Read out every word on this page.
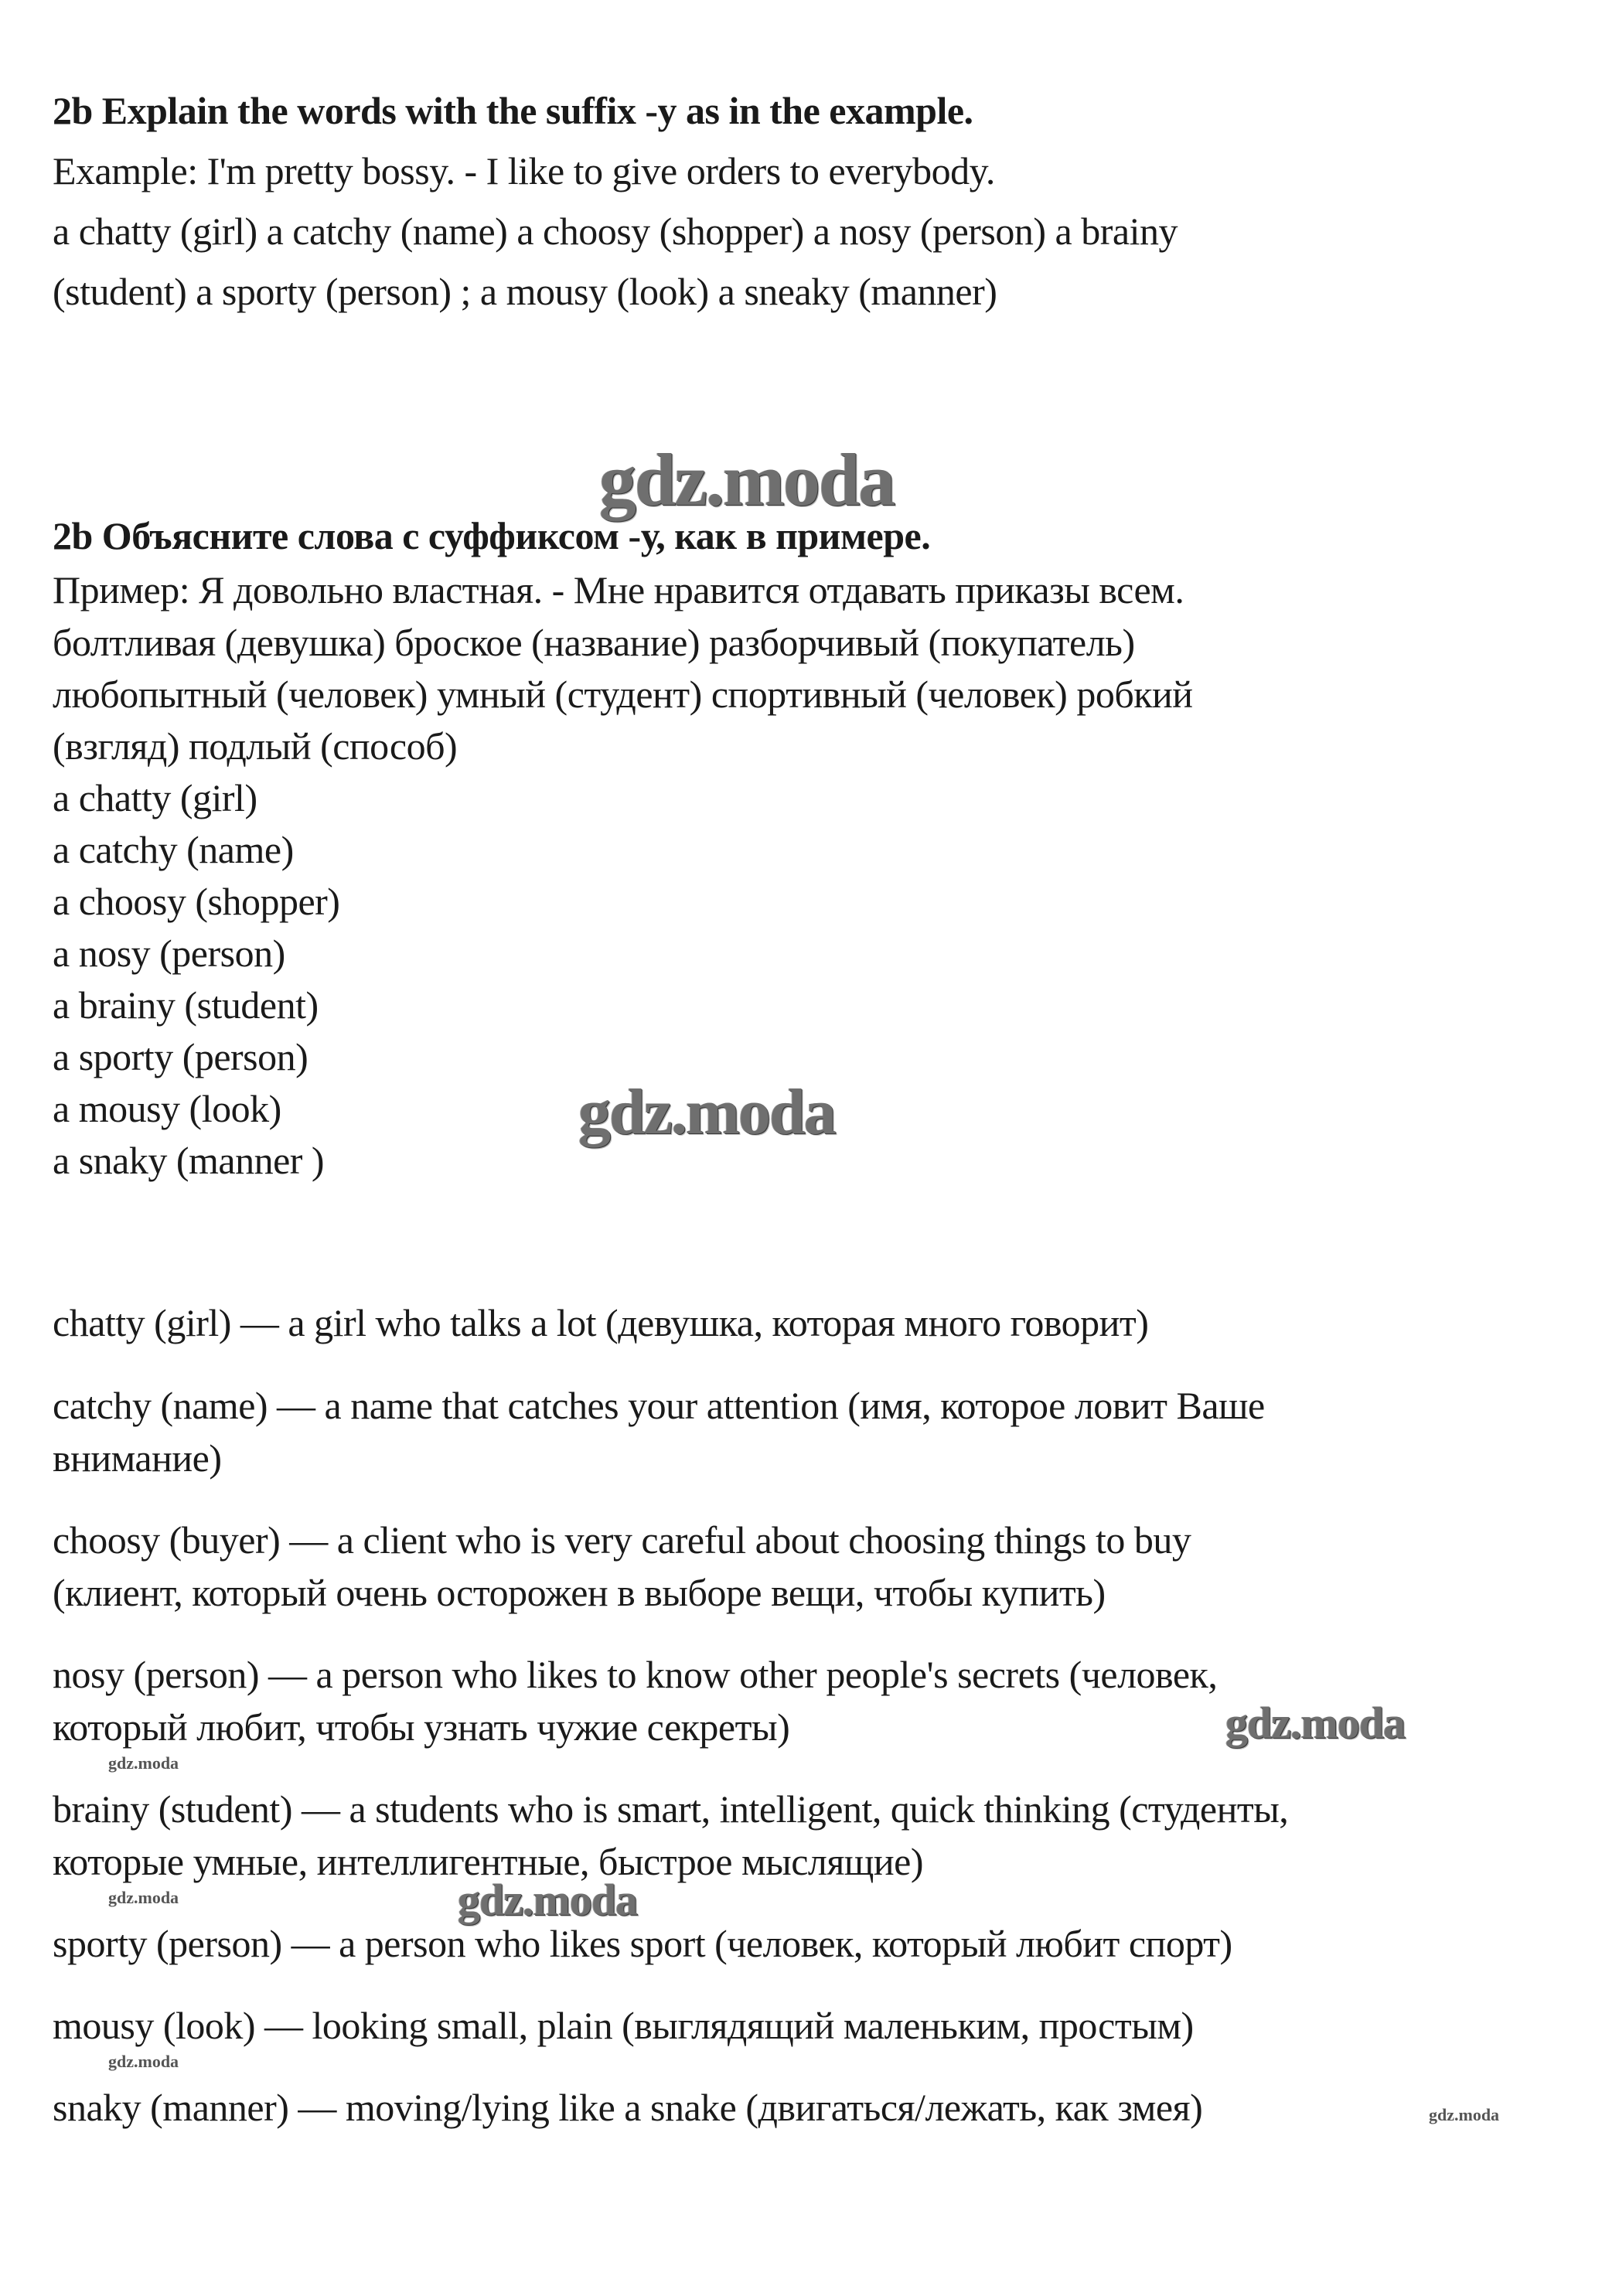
2b Explain the words with the suffix -y as in the example.
Example: I'm pretty bossy. - I like to give orders to everybody.
a chatty (girl) a catchy (name) a choosy (shopper) a nosy (person) a brainy
(student) a sporty (person) ; a mousy (look) a sneaky (manner)
gdz.moda
2b Объясните слова с суффиксом -у, как в примере.
Пример: Я довольно властная. - Мне нравится отдавать приказы всем.
болтливая (девушка) броское (название) разборчивый (покупатель)
любопытный (человек) умный (студент) спортивный (человек) робкий
(взгляд) подлый (способ)
a chatty (girl)
a catchy (name)
a choosy (shopper)
a nosy (person)
a brainy (student)
a sporty (person)
a mousy (look)
a snaky (manner )
gdz.moda
chatty (girl) — a girl who talks a lot (девушка, которая много говорит)
catchy (name) — a name that catches your attention (имя, которое ловит Ваше
внимание)
choosy (buyer) — a client who is very careful about choosing things to buy
(клиент, который очень осторожен в выборе вещи, чтобы купить)
nosy (person) — a person who likes to know other people's secrets (человек,
который любит, чтобы узнать чужие секреты)	gdz.moda
gdz.moda
brainy (student) — a students who is smart, intelligent, quick thinking (студенты,
которые умные, интеллигентные, быстрое мыслящие)
gdz.moda	gdz.moda
sporty (person) — a person who likes sport (человек, который любит спорт)
mousy (look) — looking small, plain (выглядящий маленьким, простым)
gdz.moda
snaky (manner) — moving/lying like a snake (двигаться/лежать, как змея)	gdz.moda
